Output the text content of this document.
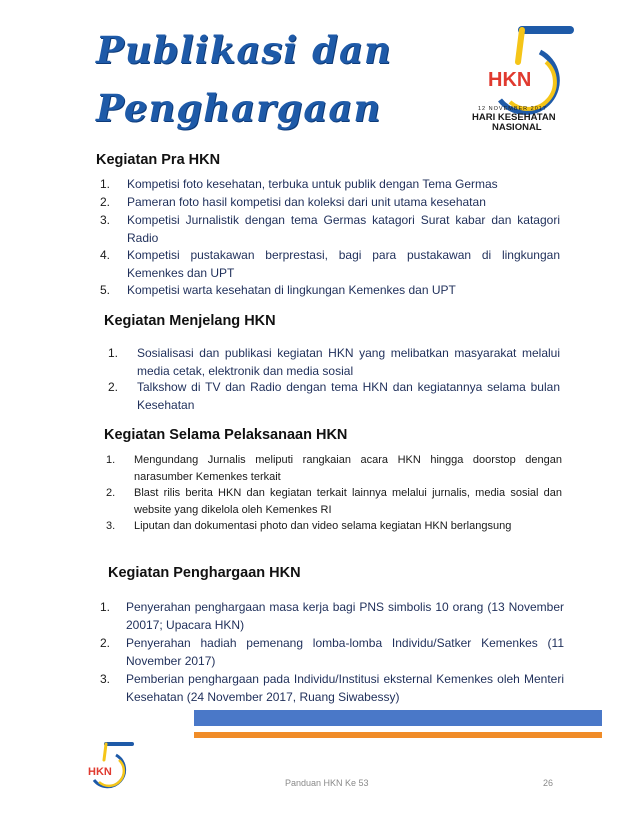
Publikasi dan
Penghargaan
HKN
12 NOVEMBER 2017
HARI KESEHATAN
NASIONAL
Kegiatan Pra HKN
1. Kompetisi foto kesehatan, terbuka untuk publik dengan Tema Germas
2. Pameran foto hasil kompetisi dan koleksi dari unit utama kesehatan
3. Kompetisi Jurnalistik dengan tema Germas katagori Surat kabar dan katagori Radio
4. Kompetisi pustakawan berprestasi, bagi para pustakawan di lingkungan Kemenkes dan UPT
5. Kompetisi warta kesehatan di lingkungan Kemenkes dan UPT
Kegiatan Menjelang HKN
1. Sosialisasi dan publikasi kegiatan HKN yang melibatkan masyarakat melalui media cetak, elektronik dan media sosial
2. Talkshow di TV dan Radio dengan tema HKN dan kegiatannya selama bulan Kesehatan
Kegiatan Selama Pelaksanaan HKN
1. Mengundang Jurnalis meliputi rangkaian acara HKN hingga doorstop dengan narasumber Kemenkes terkait
2. Blast rilis berita HKN dan kegiatan terkait lainnya melalui jurnalis, media sosial dan website yang dikelola oleh Kemenkes RI
3. Liputan dan dokumentasi photo dan video selama kegiatan HKN berlangsung
Kegiatan Penghargaan HKN
1. Penyerahan penghargaan masa kerja bagi PNS simbolis 10 orang (13 November 20017; Upacara HKN)
2. Penyerahan hadiah pemenang lomba-lomba Individu/Satker Kemenkes (11 November 2017)
3. Pemberian penghargaan pada Individu/Institusi eksternal Kemenkes oleh Menteri Kesehatan (24 November 2017, Ruang Siwabessy)
HKN
Panduan HKN Ke 53	26
